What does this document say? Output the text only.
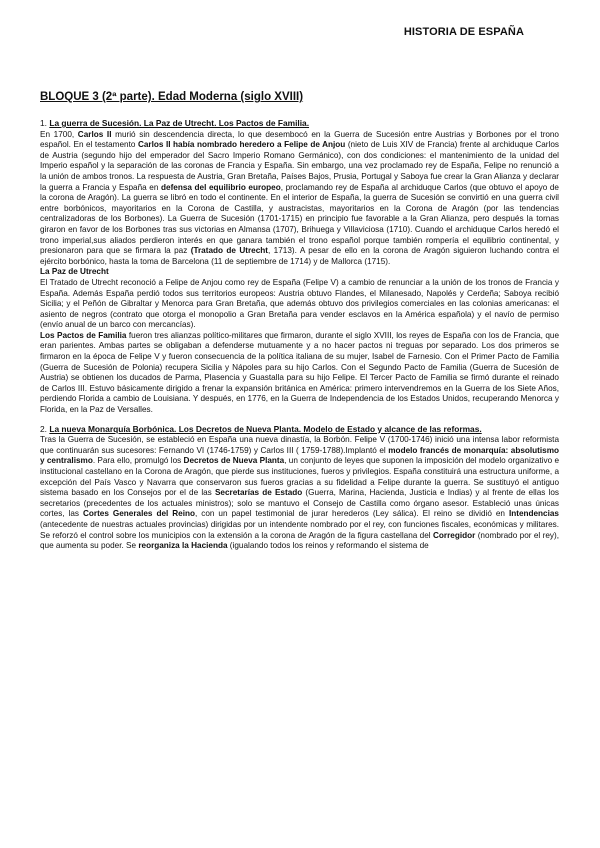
HISTORIA DE ESPAÑA
BLOQUE 3 (2ª parte). Edad Moderna (siglo XVIII)
1. La guerra de Sucesión. La Paz de Utrecht. Los Pactos de Familia.

En 1700, Carlos II murió sin descendencia directa, lo que desembocó en la Guerra de Sucesión entre Austrias y Borbones por el trono español. En el testamento Carlos II había nombrado heredero a Felipe de Anjou (nieto de Luis XIV de Francia) frente al archiduque Carlos de Austria (segundo hijo del emperador del Sacro Imperio Romano Germánico), con dos condiciones: el mantenimiento de la unidad del Imperio español y la separación de las coronas de Francia y España. Sin embargo, una vez proclamado rey de España, Felipe no renunció a la unión de ambos tronos. La respuesta de Austria, Gran Bretaña, Países Bajos, Prusia, Portugal y Saboya fue crear la Gran Alianza y declarar la guerra a Francia y España en defensa del equilibrio europeo, proclamando rey de España al archiduque Carlos (que obtuvo el apoyo de la corona de Aragón). La guerra se libró en todo el continente. En el interior de España, la guerra de Sucesión se convirtió en una guerra civil entre borbónicos, mayoritarios en la Corona de Castilla, y austracistas, mayoritarios en la Corona de Aragón (por las tendencias centralizadoras de los Borbones). La Guerra de Sucesión (1701-1715) en principio fue favorable a la Gran Alianza, pero después la tornas giraron en favor de los Borbones tras sus victorias en Almansa (1707), Brihuega y Villaviciosa (1710). Cuando el archiduque Carlos heredó el trono imperial,sus aliados perdieron interés en que ganara también el trono español porque también rompería el equilibrio continental, y presionaron para que se firmara la paz (Tratado de Utrecht, 1713). A pesar de ello en la corona de Aragón siguieron luchando contra el ejército borbónico, hasta la toma de Barcelona (11 de septiembre de 1714) y de Mallorca (1715).

La Paz de Utrecht

El Tratado de Utrecht reconoció a Felipe de Anjou como rey de España (Felipe V) a cambio de renunciar a la unión de los tronos de Francia y España. Además España perdió todos sus territorios europeos: Austria obtuvo Flandes, el Milanesado, Napolés y Cerdeña; Saboya recibió Sicilia; y el Peñón de Gibraltar y Menorca para Gran Bretaña, que además obtuvo dos privilegios comerciales en las colonias americanas: el asiento de negros (contrato que otorga el monopolio a Gran Bretaña para vender esclavos en la América española) y el navío de permiso (envío anual de un barco con mercancías).

Los Pactos de Familia fueron tres alianzas político-militares que firmaron, durante el siglo XVIII, los reyes de España con los de Francia, que eran parientes. Ambas partes se obligaban a defenderse mutuamente y a no hacer pactos ni treguas por separado. Los dos primeros se firmaron en la época de Felipe V y fueron consecuencia de la política italiana de su mujer, Isabel de Farnesio. Con el Primer Pacto de Familia (Guerra de Sucesión de Polonia) recupera Sicilia y Nápoles para su hijo Carlos. Con el Segundo Pacto de Familia (Guerra de Sucesión de Austria) se obtienen los ducados de Parma, Plasencia y Guastalla para su hijo Felipe. El Tercer Pacto de Familia se firmó durante el reinado de Carlos III. Estuvo básicamente dirigido a frenar la expansión británica en América: primero intervendremos en la Guerra de los Siete Años, perdiendo Florida a cambio de Louisiana. Y después, en 1776, en la Guerra de Independencia de los Estados Unidos, recuperando Menorca y Florida, en la Paz de Versalles.

2. La nueva Monarquía Borbónica. Los Decretos de Nueva Planta. Modelo de Estado y alcance de las reformas.

Tras la Guerra de Sucesión, se estableció en España una nueva dinastía, la Borbón. Felipe V (1700-1746) inició una intensa labor reformista que continuarán sus sucesores: Fernando VI (1746-1759) y Carlos III ( 1759-1788).Implantó el modelo francés de monarquía: absolutismo y centralismo. Para ello, promulgó los Decretos de Nueva Planta, un conjunto de leyes que suponen la imposición del modelo organizativo e institucional castellano en la Corona de Aragón, que pierde sus instituciones, fueros y privilegios. España constituirá una estructura uniforme, a excepción del País Vasco y Navarra que conservaron sus fueros gracias a su fidelidad a Felipe durante la guerra. Se sustituyó el antiguo sistema basado en los Consejos por el de las Secretarías de Estado (Guerra, Marina, Hacienda, Justicia e Indias) y al frente de ellas los secretarios (precedentes de los actuales ministros); solo se mantuvo el Consejo de Castilla como órgano asesor. Estableció unas únicas cortes, las Cortes Generales del Reino, con un papel testimonial de jurar herederos (Ley sálica). El reino se dividió en Intendencias (antecedente de nuestras actuales provincias) dirigidas por un intendente nombrado por el rey, con funciones fiscales, económicas y militares. Se reforzó el control sobre los municipios con la extensión a la corona de Aragón de la figura castellana del Corregidor (nombrado por el rey), que aumenta su poder. Se reorganiza la Hacienda (igualando todos los reinos y reformando el sistema de
